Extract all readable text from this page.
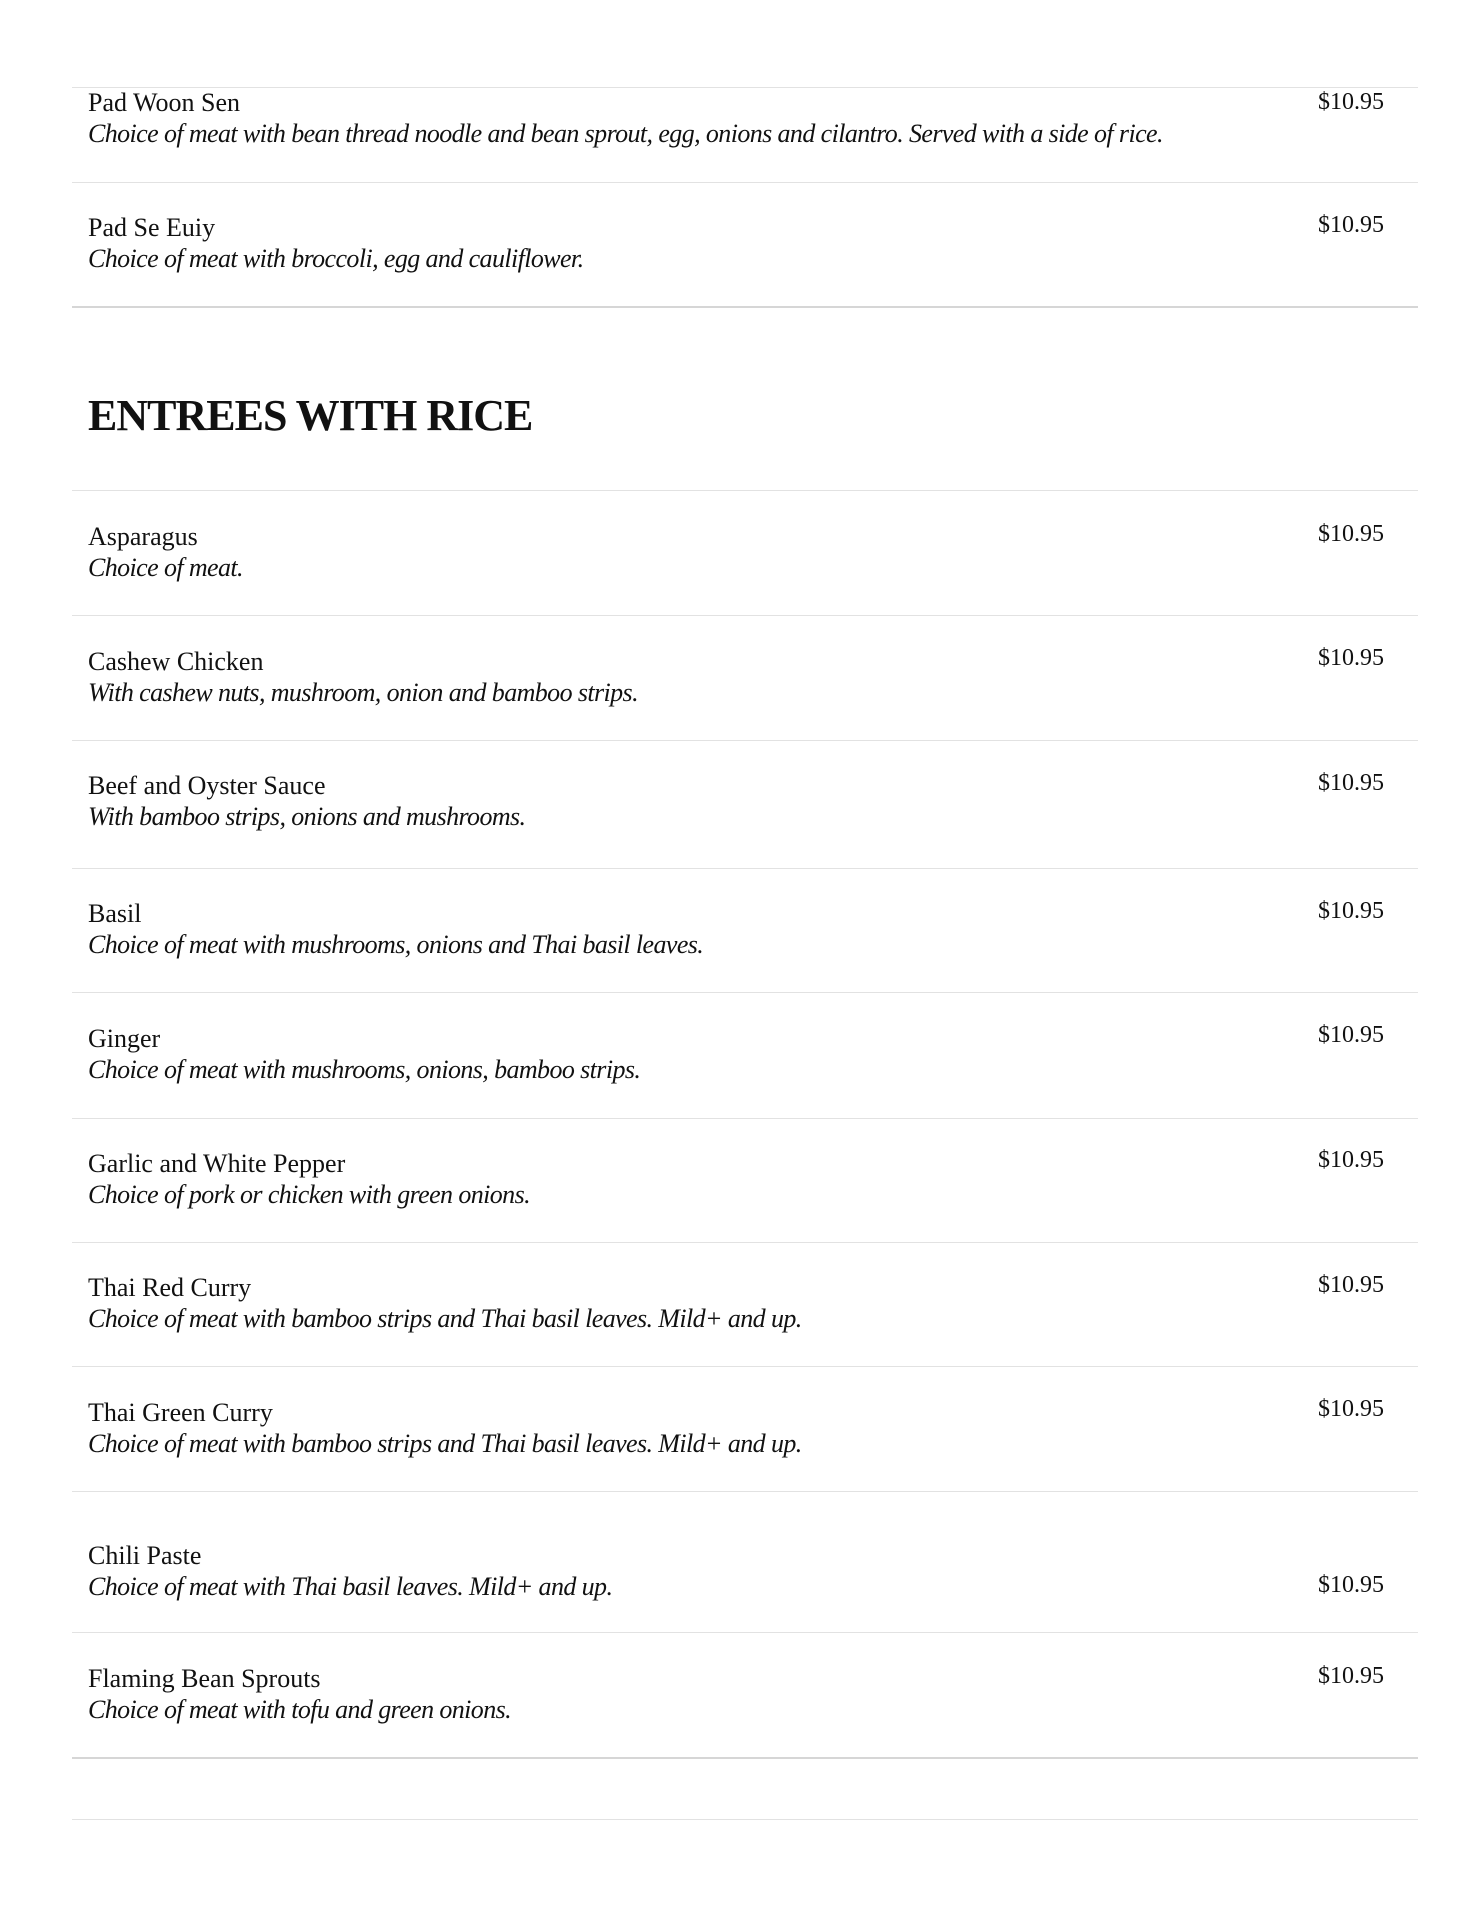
Pad Woon Sen
Choice of meat with bean thread noodle and bean sprout, egg, onions and cilantro. Served with a side of rice.
$10.95
Pad Se Euiy
Choice of meat with broccoli, egg and cauliflower.
$10.95
ENTREES WITH RICE
Asparagus
Choice of meat.
$10.95
Cashew Chicken
With cashew nuts, mushroom, onion and bamboo strips.
$10.95
Beef and Oyster Sauce
With bamboo strips, onions and mushrooms.
$10.95
Basil
Choice of meat with mushrooms, onions and Thai basil leaves.
$10.95
Ginger
Choice of meat with mushrooms, onions, bamboo strips.
$10.95
Garlic and White Pepper
Choice of pork or chicken with green onions.
$10.95
Thai Red Curry
Choice of meat with bamboo strips and Thai basil leaves. Mild+ and up.
$10.95
Thai Green Curry
Choice of meat with bamboo strips and Thai basil leaves. Mild+ and up.
$10.95
Chili Paste
Choice of meat with Thai basil leaves. Mild+ and up.	$10.95
Flaming Bean Sprouts
Choice of meat with tofu and green onions.
$10.95
